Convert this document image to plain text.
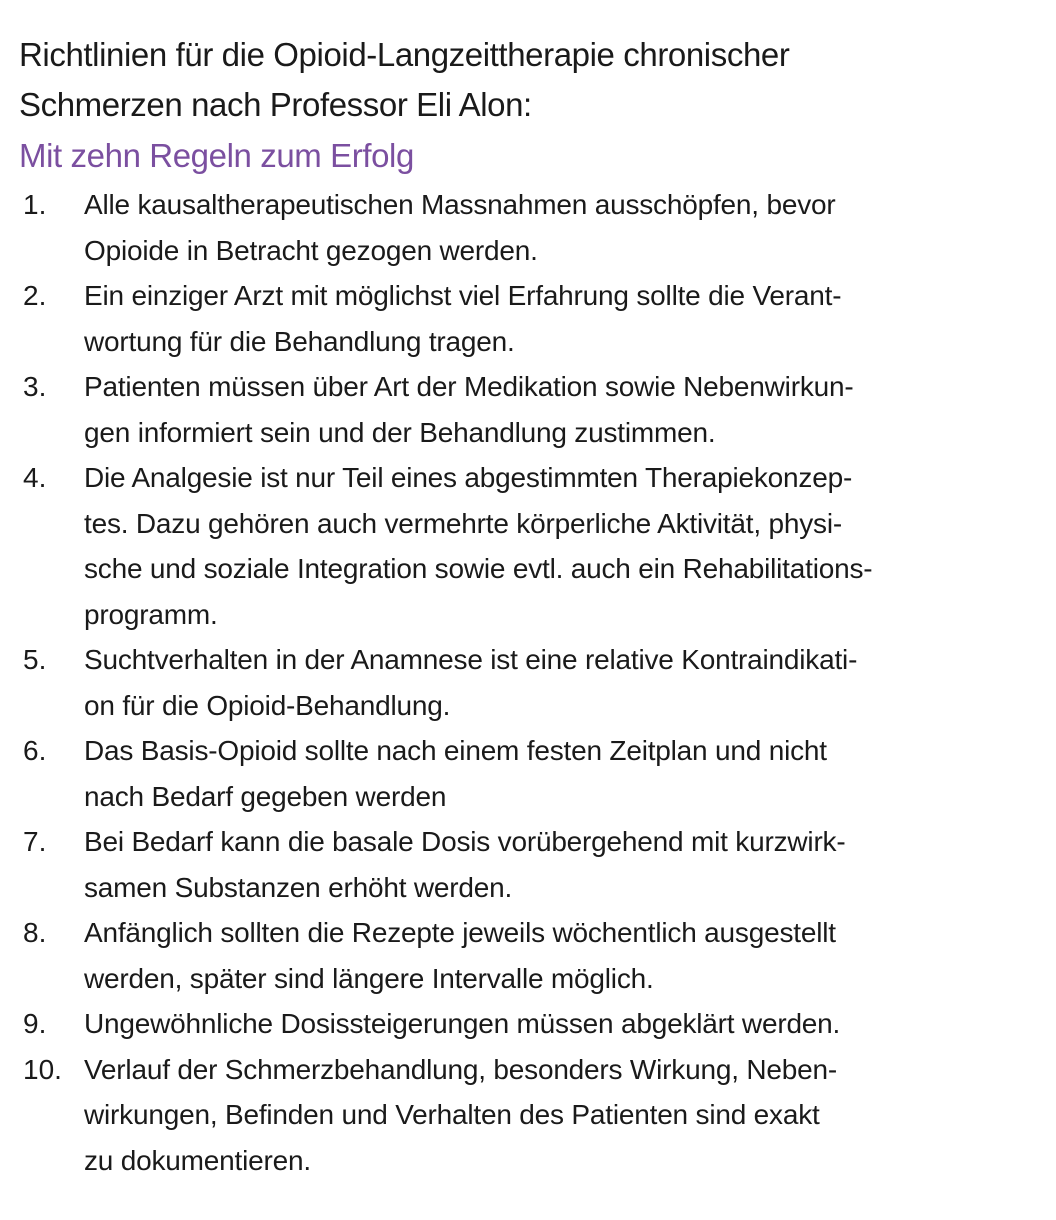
Richtlinien für die Opioid-Langzeittherapie chronischer
Schmerzen nach Professor Eli Alon:
Mit zehn Regeln zum Erfolg
1.	Alle kausaltherapeutischen Massnahmen ausschöpfen, bevor
Opioide in Betracht gezogen werden.
2.	Ein einziger Arzt mit möglichst viel Erfahrung sollte die Verant-
wortung für die Behandlung tragen.
3.	Patienten müssen über Art der Medikation sowie Nebenwirkun-
gen informiert sein und der Behandlung zustimmen.
4.	Die Analgesie ist nur Teil eines abgestimmten Therapiekonzep-
tes. Dazu gehören auch vermehrte körperliche Aktivität, physi-
sche und soziale Integration sowie evtl. auch ein Rehabilitations-
programm.
5.	Suchtverhalten in der Anamnese ist eine relative Kontraindikati-
on für die Opioid-Behandlung.
6.	Das Basis-Opioid sollte nach einem festen Zeitplan und nicht
nach Bedarf gegeben werden
7.	Bei Bedarf kann die basale Dosis vorübergehend mit kurzwirk-
samen Substanzen erhöht werden.
8.	Anfänglich sollten die Rezepte jeweils wöchentlich ausgestellt
werden, später sind längere Intervalle möglich.
9.	Ungewöhnliche Dosissteigerungen müssen abgeklärt werden.
10. Verlauf der Schmerzbehandlung, besonders Wirkung, Neben-
wirkungen, Befinden und Verhalten des Patienten sind exakt
zu dokumentieren.
